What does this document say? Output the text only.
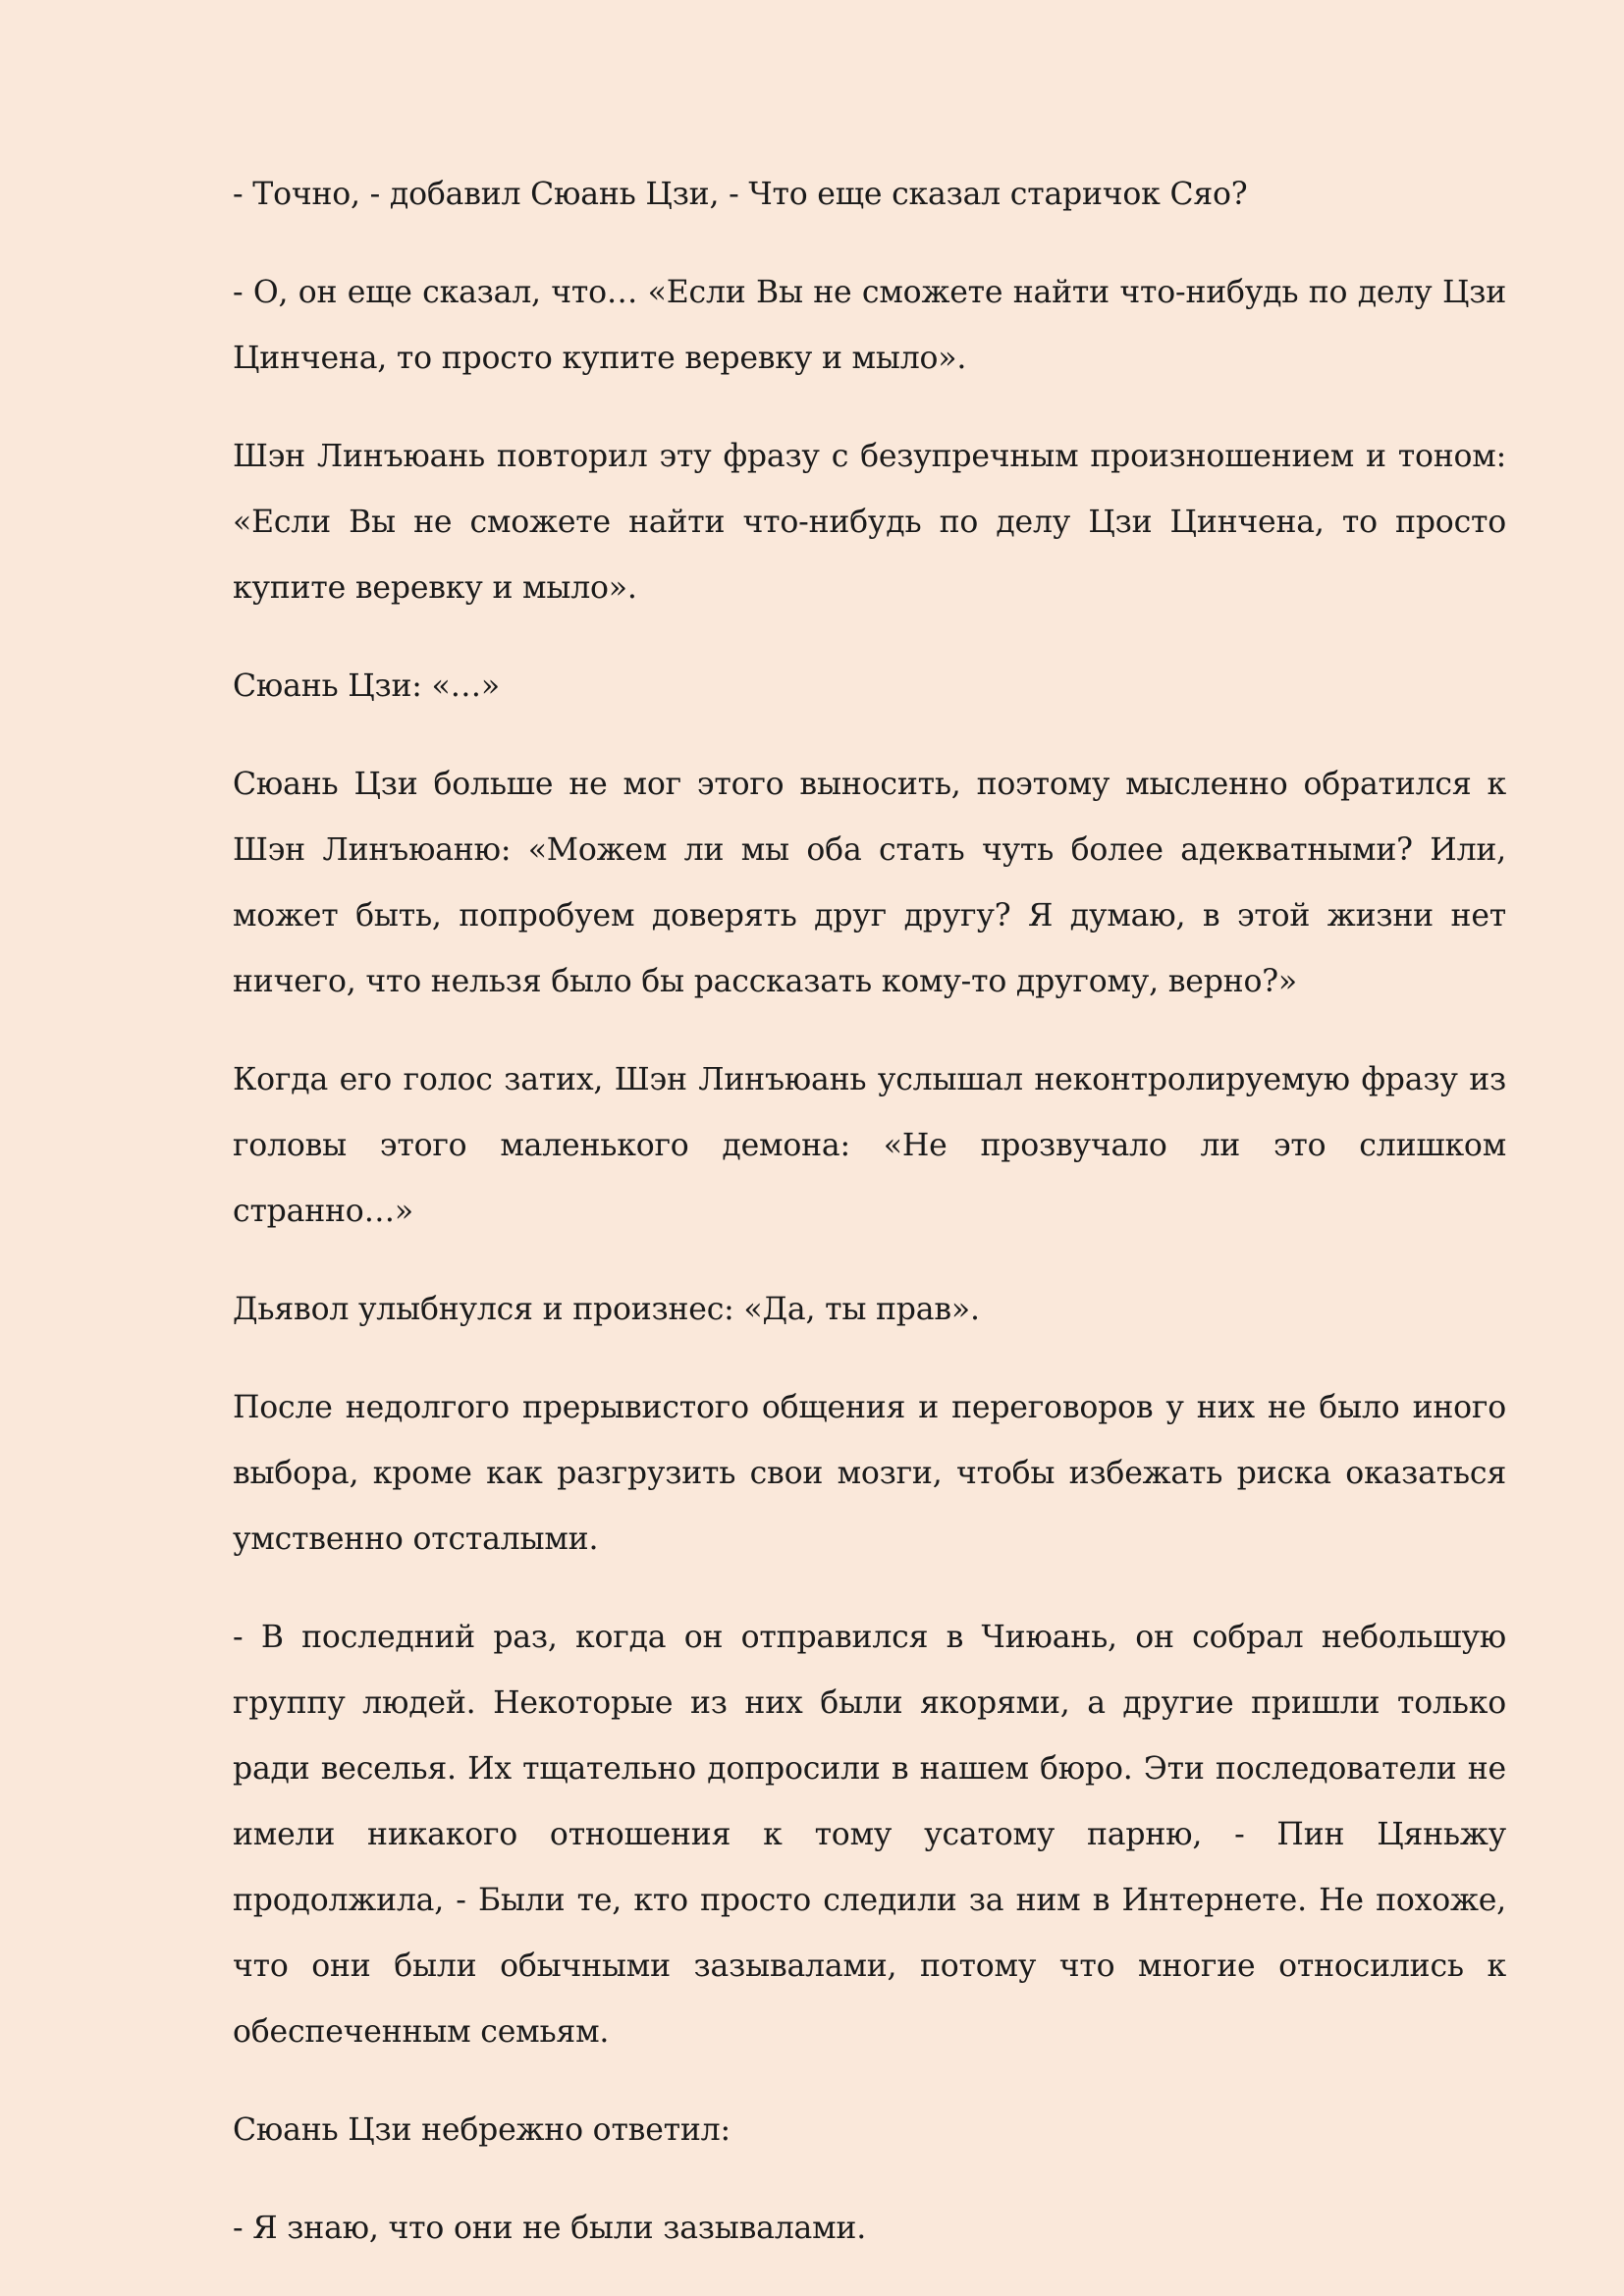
- Точно, - добавил Сюань Цзи, - Что еще сказал старичок Сяо?

- О, он еще сказал, что… «Если Вы не сможете найти что-нибудь по делу Цзи Цинчена, то просто купите веревку и мыло».

Шэн Линъюань повторил эту фразу с безупречным произношением и тоном: «Если Вы не сможете найти что-нибудь по делу Цзи Цинчена, то просто купите веревку и мыло».

Сюань Цзи: «…»

Сюань Цзи больше не мог этого выносить, поэтому мысленно обратился к Шэн Линъюаню: «Можем ли мы оба стать чуть более адекватными? Или, может быть, попробуем доверять друг другу? Я думаю, в этой жизни нет ничего, что нельзя было бы рассказать кому-то другому, верно?»

Когда его голос затих, Шэн Линъюань услышал неконтролируемую фразу из головы этого маленького демона: «Не прозвучало ли это слишком странно…»

Дьявол улыбнулся и произнес: «Да, ты прав».

После недолгого прерывистого общения и переговоров у них не было иного выбора, кроме как разгрузить свои мозги, чтобы избежать риска оказаться умственно отсталыми.

- В последний раз, когда он отправился в Чиюань, он собрал небольшую группу людей. Некоторые из них были якорями, а другие пришли только ради веселья. Их тщательно допросили в нашем бюро. Эти последователи не имели никакого отношения к тому усатому парню, - Пин Цяньжу продолжила, - Были те, кто просто следили за ним в Интернете. Не похоже, что они были обычными зазывалами, потому что многие относились к обеспеченным семьям.

Сюань Цзи небрежно ответил:

- Я знаю, что они не были зазывалами.
